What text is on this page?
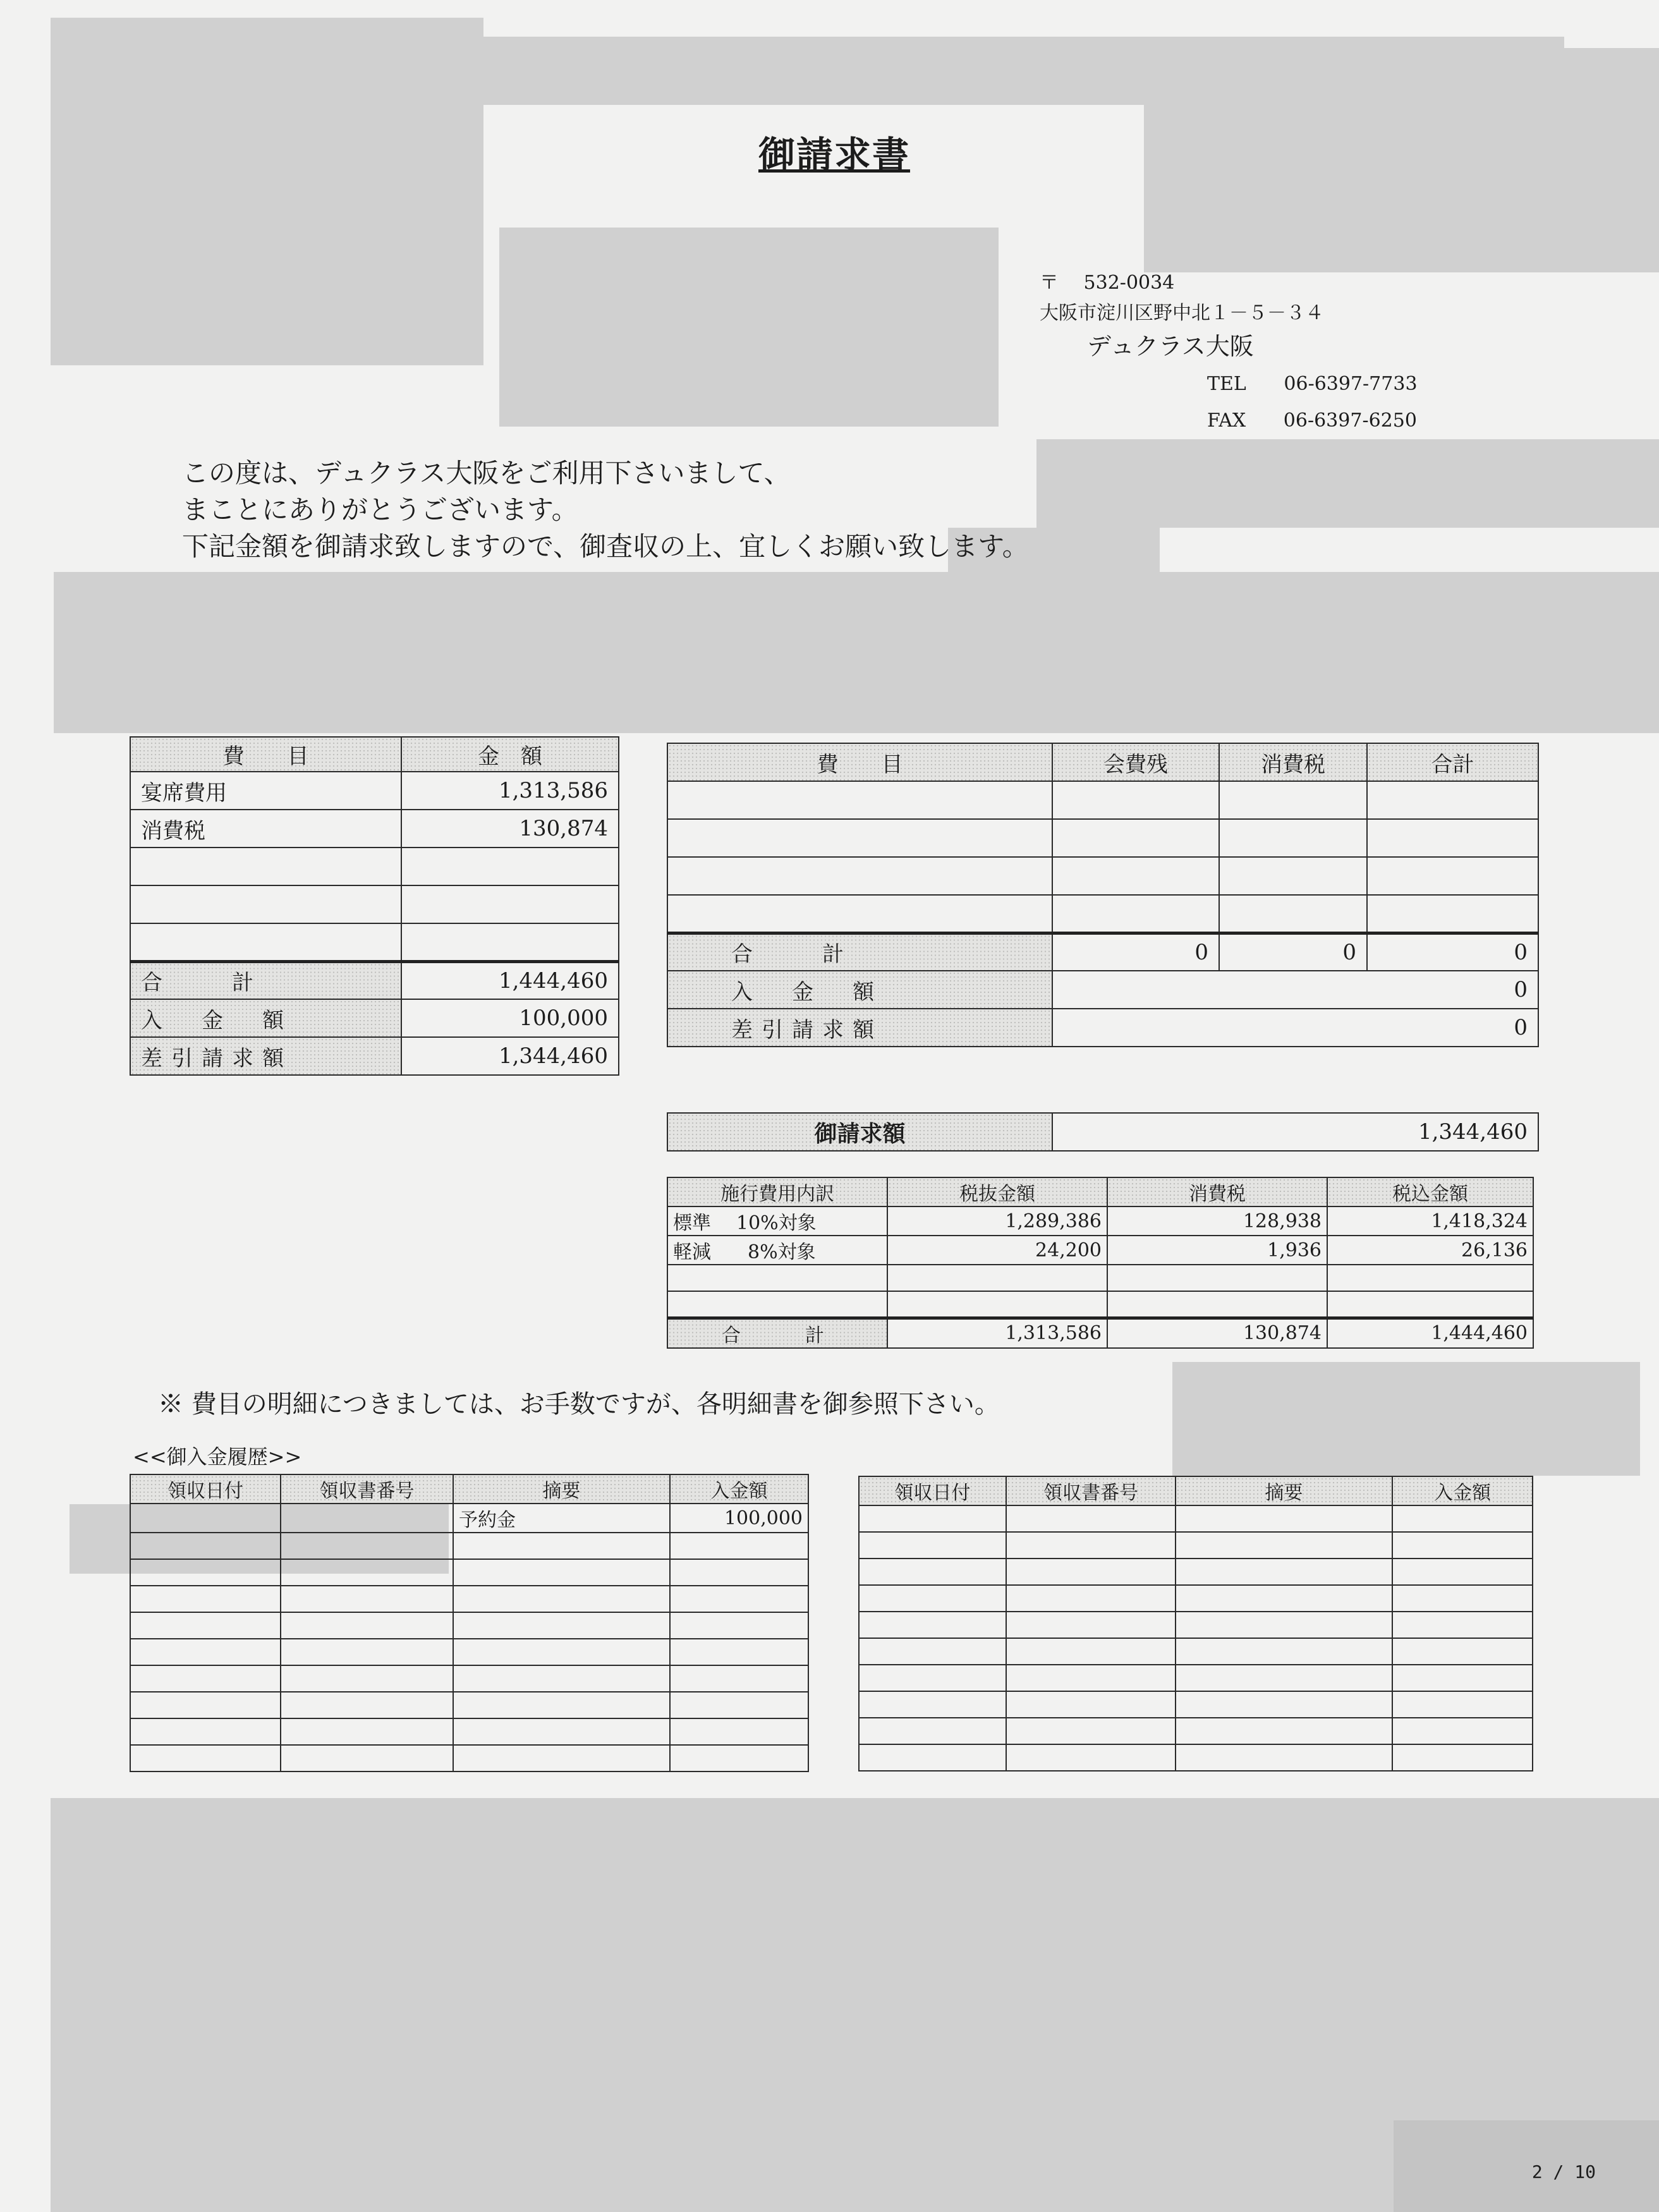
御請求書
〒 532-0034
大阪市淀川区野中北１－５－３４
デュクラス大阪
TEL 06-6397-7733
FAX 06-6397-6250
この度は、デュクラス大阪をご利用下さいまして、
まことにありがとうございます。
下記金額を御請求致しますので、御査収の上、宜しくお願い致します。
費　　目	金　額
宴席費用	1,313,586
消費税	130,874

合　　計	1,444,460
入　金　額	100,000
差引請求額	1,344,460
費　　目	会費残	消費税	合計

合　　計	0	0	0
入　金　額	0		
差引請求額	0		
御請求額	1,344,460
施行費用内訳	税抜金額	消費税	税込金額
標準 10%対象	1,289,386	128,938	1,418,324
軽減 8%対象	24,200	1,936	26,136

合　　計	1,313,586	130,874	1,444,460
※ 費目の明細につきましては、お手数ですが、各明細書を御参照下さい。
<<御入金履歴>>
領収日付	領収書番号	摘要	入金額
		予約金	100,000

領収日付	領収書番号	摘要	入金額

2 / 10
